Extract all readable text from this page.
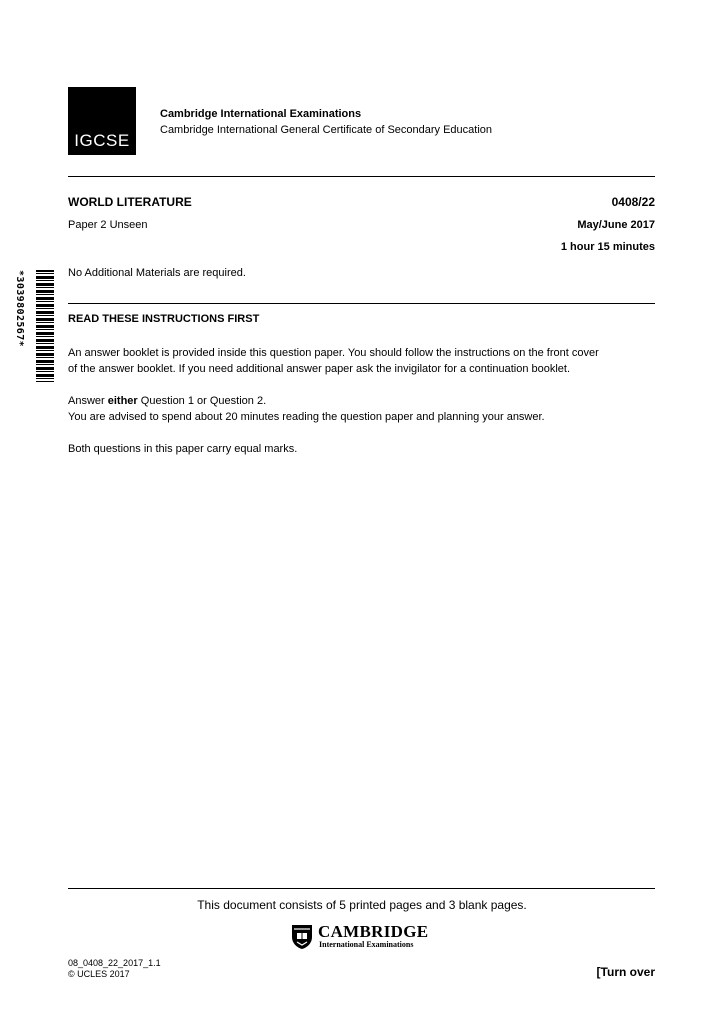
IGCSE
Cambridge International Examinations
Cambridge International General Certificate of Secondary Education
WORLD LITERATURE	0408/22
Paper 2 Unseen	May/June 2017
1 hour 15 minutes
No Additional Materials are required.
*3039802567*	READ THESE INSTRUCTIONS FIRST
An answer booklet is provided inside this question paper. You should follow the instructions on the front cover
of the answer booklet. If you need additional answer paper ask the invigilator for a continuation booklet.
Answer either Question 1 or Question 2.
You are advised to spend about 20 minutes reading the question paper and planning your answer.
Both questions in this paper carry equal marks.
This document consists of 5 printed pages and 3 blank pages.
CAMBRIDGE
International Examinations
08_0408_22_2017_1.1
© UCLES 2017	[Turn over
